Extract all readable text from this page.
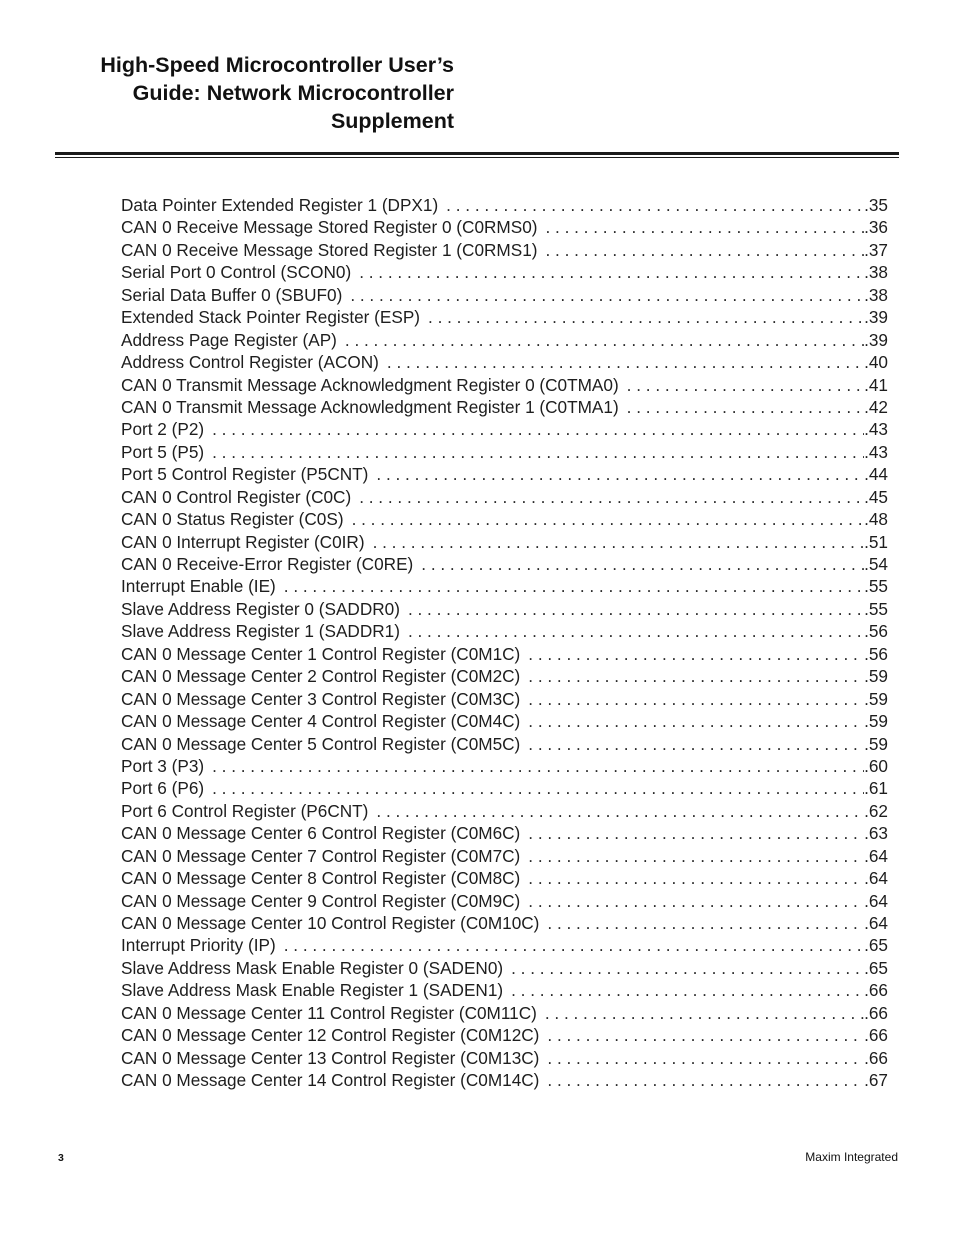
High-Speed Microcontroller User’s
Guide: Network Microcontroller
Supplement
Data Pointer Extended Register 1 (DPX1) . . .	.35
CAN 0 Receive Message Stored Register 0 (C0RMS0) . . .	.36
CAN 0 Receive Message Stored Register 1 (C0RMS1) . . .	.37
Serial Port 0 Control (SCON0) . . .	.38
Serial Data Buffer 0 (SBUF0) . . .	.38
Extended Stack Pointer Register (ESP) . . .	.39
Address Page Register (AP) . . .	.39
Address Control Register (ACON) . . .	.40
CAN 0 Transmit Message Acknowledgment Register 0 (C0TMA0) . . .	.41
CAN 0 Transmit Message Acknowledgment Register 1 (C0TMA1) . . .	.42
Port 2 (P2) . . .	.43
Port 5 (P5) . . .	.43
Port 5 Control Register (P5CNT) . . .	.44
CAN 0 Control Register (C0C) . . .	.45
CAN 0 Status Register (C0S) . . .	.48
CAN 0 Interrupt Register (C0IR) . . .	.51
CAN 0 Receive-Error Register (C0RE) . . .	.54
Interrupt Enable (IE) . . .	.55
Slave Address Register 0 (SADDR0) . . .	.55
Slave Address Register 1 (SADDR1) . . .	.56
CAN 0 Message Center 1 Control Register (C0M1C) . . .	.56
CAN 0 Message Center 2 Control Register (C0M2C) . . .	.59
CAN 0 Message Center 3 Control Register (C0M3C) . . .	.59
CAN 0 Message Center 4 Control Register (C0M4C) . . .	.59
CAN 0 Message Center 5 Control Register (C0M5C) . . .	.59
Port 3 (P3) . . .	.60
Port 6 (P6) . . .	.61
Port 6 Control Register (P6CNT) . . .	.62
CAN 0 Message Center 6 Control Register (C0M6C) . . .	.63
CAN 0 Message Center 7 Control Register (C0M7C) . . .	.64
CAN 0 Message Center 8 Control Register (C0M8C) . . .	.64
CAN 0 Message Center 9 Control Register (C0M9C) . . .	.64
CAN 0 Message Center 10 Control Register (C0M10C) . . .	.64
Interrupt Priority (IP) . . .	.65
Slave Address Mask Enable Register 0 (SADEN0) . . .	.65
Slave Address Mask Enable Register 1 (SADEN1) . . .	.66
CAN 0 Message Center 11 Control Register (C0M11C) . . .	.66
CAN 0 Message Center 12 Control Register (C0M12C) . . .	.66
CAN 0 Message Center 13 Control Register (C0M13C) . . .	.66
CAN 0 Message Center 14 Control Register (C0M14C) . . .	.67
3	Maxim Integrated
